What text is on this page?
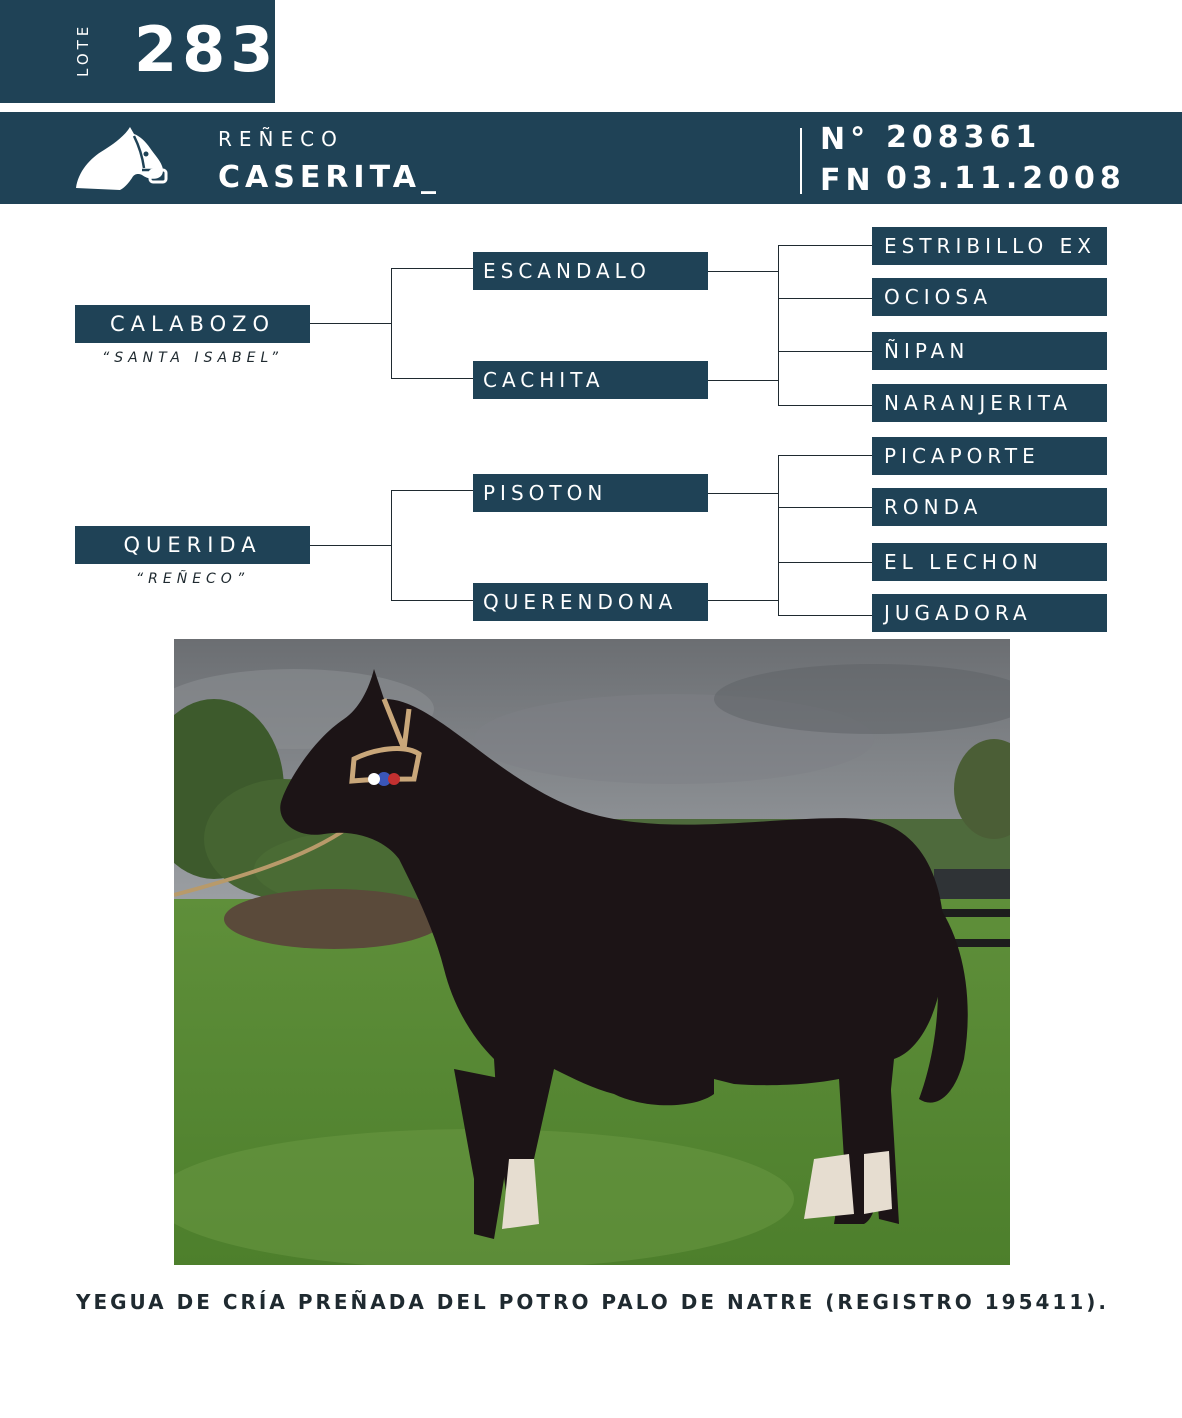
LOTE 283
REÑECO
CASERITA_
N° 208361
FN 03.11.2008
CALABOZO
“SANTA ISABEL”
QUERIDA
“REÑECO”
ESCANDALO
CACHITA
PISOTON
QUERENDONA
ESTRIBILLO EX
OCIOSA
ÑIPAN
NARANJERITA
PICAPORTE
RONDA
EL LECHON
JUGADORA
YEGUA DE CRÍA PREÑADA DEL POTRO PALO DE NATRE (REGISTRO 195411).
